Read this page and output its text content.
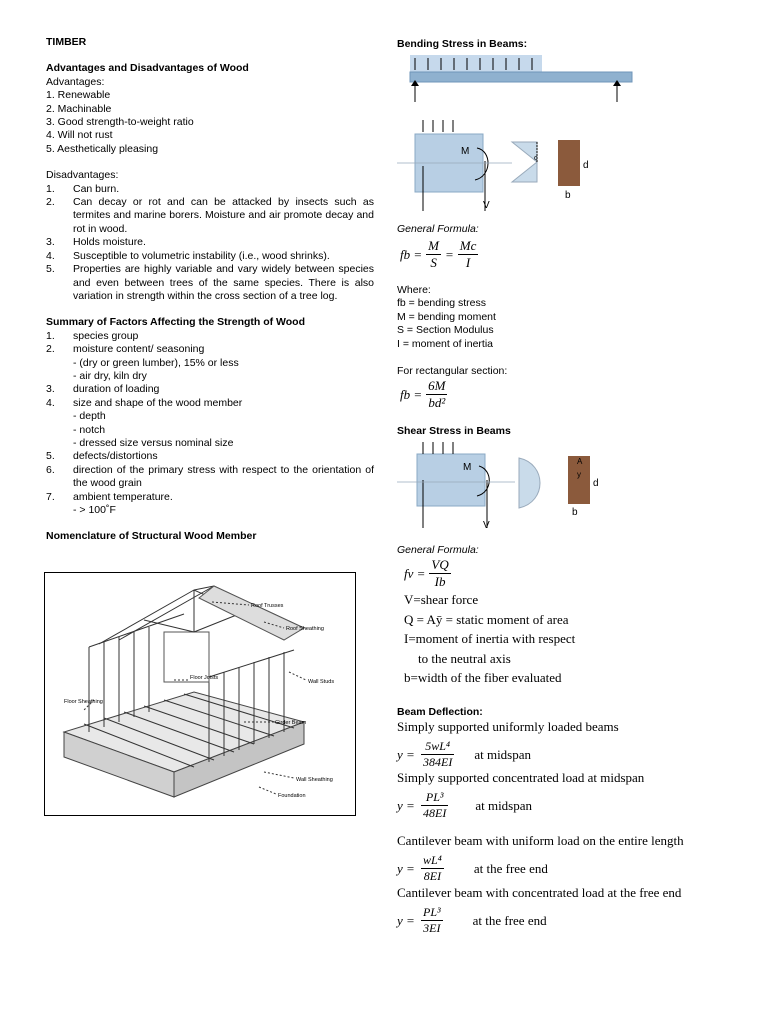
TIMBER
Advantages and Disadvantages of Wood
Advantages:
1. Renewable
2. Machinable
3. Good strength-to-weight ratio
4. Will not rust
5. Aesthetically pleasing
Disadvantages:
1.	Can burn.
2.	Can decay or rot and can be attacked by insects such as termites and marine borers. Moisture and air promote decay and rot in wood.
3.	Holds moisture.
4.	Susceptible to volumetric instability (i.e., wood shrinks).
5.	Properties are highly variable and vary widely between species and even between trees of the same species. There is also variation in strength within the cross section of a tree log.
Summary of Factors Affecting the Strength of Wood
1.	species group
2.	moisture content/ seasoning
- (dry or green lumber), 15% or less
- air dry, kiln dry
3.	duration of loading
4.	size and shape of the wood member
- depth
- notch
- dressed size versus nominal size
5.	defects/distortions
6.	direction of the primary stress with respect to the orientation of the wood grain
7.	ambient temperature.
- > 100˚F
Nomenclature of Structural Wood Member
Roof Trusses
Roof Sheathing
Wall Studs
Floor Joists
Floor Sheathing
Girder Beam
Wall Sheathing
Foundation
Bending Stress in Beams:
M
V
c
d
b
General Formula:
fb = $\frac{M}{S} = \frac{Mc}{I}$
Where:
fb = bending stress
M = bending moment
S = Section Modulus
I = moment of inertia
For rectangular section:
fb = $\frac{6M}{\text{bd²}}$
Shear Stress in Beams
M
V
A
y
d
b
General Formula:
fv = $\frac{VQ}{Ib}$
V=shear force
Q = Aȳ = static moment of area
I=moment of inertia with respect
to the neutral axis
b=width of the fiber evaluated
Beam Deflection:
Simply supported uniformly loaded beams
$y = \frac{\text{5wL⁴}}{384EI}$ at midspan
Simply supported concentrated load at midspan
$y = \frac{\text{PL³}}{48EI}$ at midspan
Cantilever beam with uniform load on the entire length
$y = \frac{\text{wL⁴}}{8EI}$ at the free end
Cantilever beam with concentrated load at the free end
$y = \frac{\text{PL³}}{3EI}$ at the free end
